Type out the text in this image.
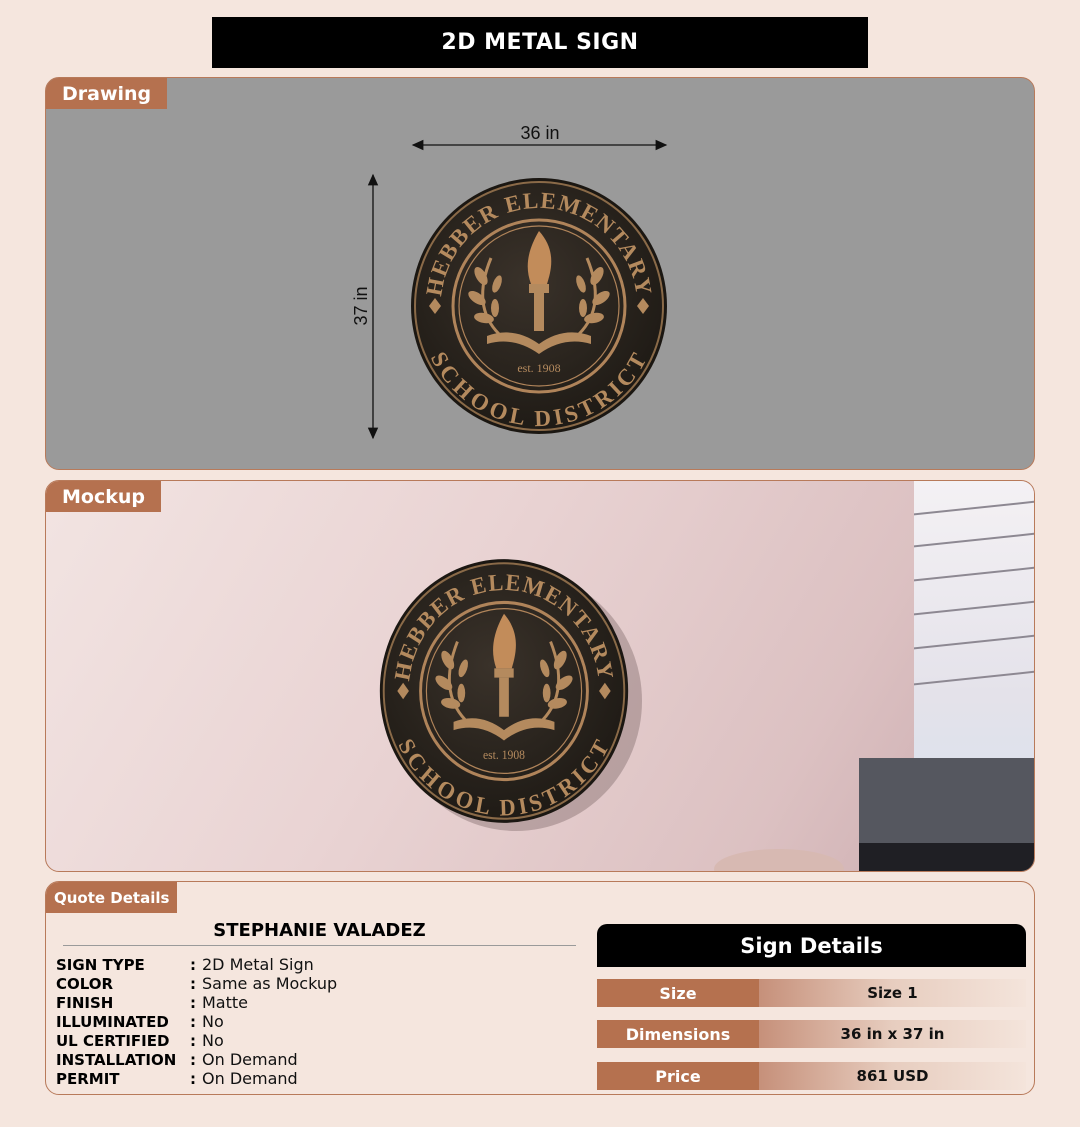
2D METAL SIGN
Drawing
36 in
37 in
Mockup
Quote Details
STEPHANIE VALADEZ
SIGN TYPE	: 2D Metal Sign
COLOR	: Same as Mockup
FINISH	: Matte
ILLUMINATED	: No
UL CERTIFIED	: No
INSTALLATION : On Demand
PERMIT	: On Demand
Sign Details
Size	Size 1
Dimensions	36 in x 37 in
Price	861 USD
